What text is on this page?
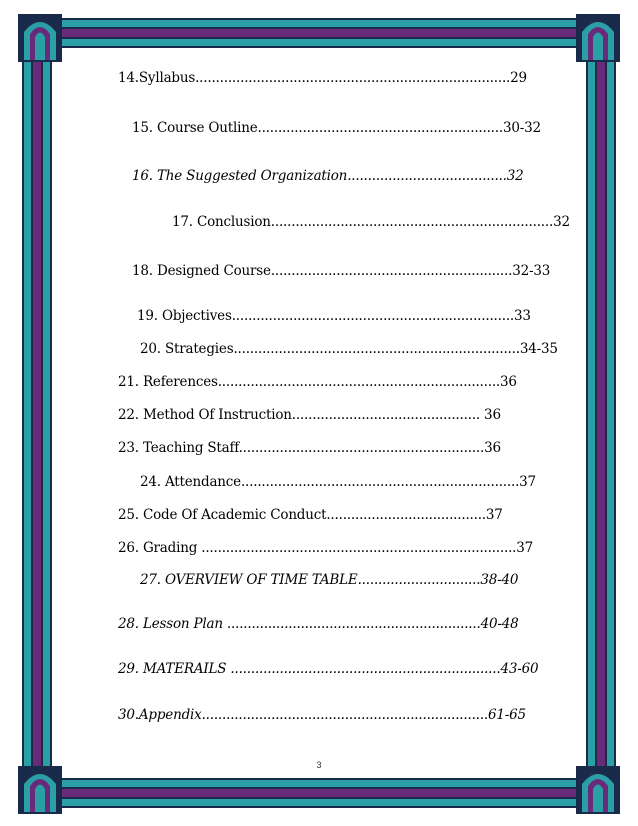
14.Syllabus.............................................................................29
15. Course Outline............................................................30-32
16. The Suggested Organization.......................................32
17. Conclusion.....................................................................32
18. Designed Course...........................................................32-33
19. Objectives.....................................................................33
20. Strategies......................................................................34-35
21. References.....................................................................36
22. Method Of Instruction.............................................. 36
23. Teaching Staff............................................................36
24. Attendance....................................................................37
25. Code Of Academic Conduct.......................................37
26. Grading .............................................................................37
27. OVERVIEW OF TIME TABLE..............................38-40
28. Lesson Plan ..............................................................40-48
29. MATERAILS ..................................................................43-60
30.Appendix......................................................................61-65
3
